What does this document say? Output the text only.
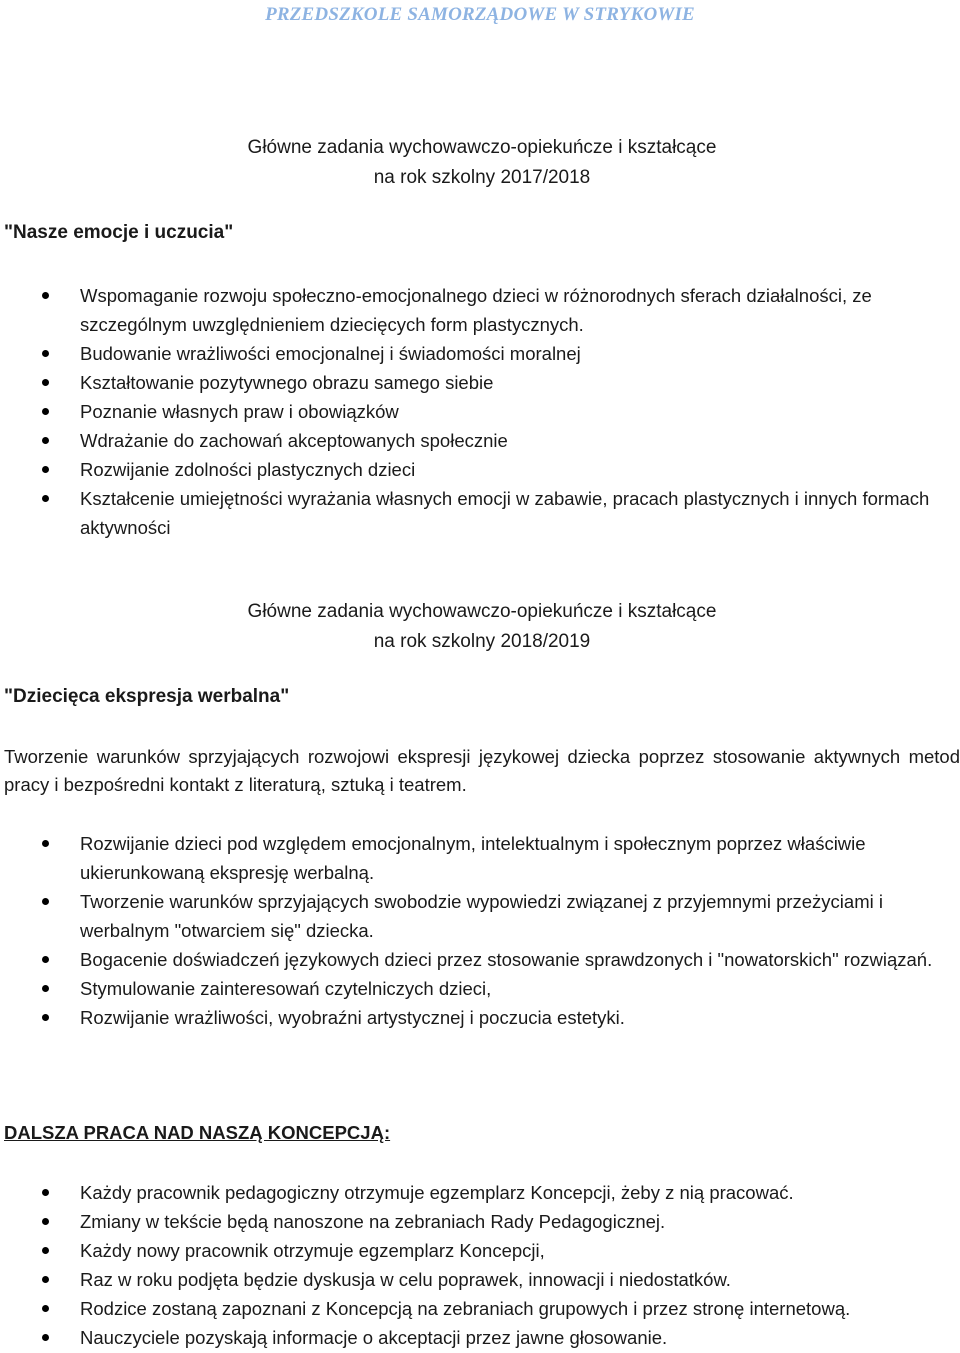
PRZEDSZKOLE SAMORZĄDOWE W STRYKOWIE
Główne zadania wychowawczo-opiekuńcze i kształcące
na rok szkolny 2017/2018
"Nasze emocje i uczucia"
Wspomaganie rozwoju społeczno-emocjonalnego dzieci w różnorodnych sferach działalności, ze szczególnym uwzględnieniem dziecięcych form plastycznych.
Budowanie wrażliwości emocjonalnej i świadomości moralnej
Kształtowanie pozytywnego obrazu samego siebie
Poznanie własnych praw i obowiązków
Wdrażanie do zachowań akceptowanych społecznie
Rozwijanie zdolności plastycznych dzieci
Kształcenie umiejętności wyrażania własnych emocji w zabawie, pracach plastycznych i innych formach aktywności
Główne zadania wychowawczo-opiekuńcze i kształcące
na rok szkolny 2018/2019
"Dziecięca ekspresja werbalna"

Tworzenie warunków sprzyjających rozwojowi ekspresji językowej dziecka poprzez stosowanie aktywnych metod pracy i bezpośredni kontakt z literaturą, sztuką i teatrem.

Rozwijanie dzieci pod względem emocjonalnym, intelektualnym i społecznym poprzez właściwie ukierunkowaną ekspresję werbalną.
Tworzenie warunków sprzyjających swobodzie wypowiedzi związanej z przyjemnymi przeżyciami i werbalnym "otwarciem się" dziecka.
Bogacenie doświadczeń językowych dzieci przez stosowanie sprawdzonych i "nowatorskich" rozwiązań.
Stymulowanie zainteresowań czytelniczych dzieci,
Rozwijanie wrażliwości, wyobraźni artystycznej i poczucia estetyki.
DALSZA PRACA NAD NASZĄ KONCEPCJĄ:
Każdy pracownik pedagogiczny otrzymuje egzemplarz Koncepcji, żeby z nią pracować.
Zmiany w tekście będą nanoszone na zebraniach Rady Pedagogicznej.
Każdy nowy pracownik otrzymuje egzemplarz Koncepcji,
Raz w roku podjęta będzie dyskusja w celu poprawek, innowacji i niedostatków.
Rodzice zostaną zapoznani z Koncepcją na zebraniach grupowych i przez stronę internetową.
Nauczyciele pozyskają informacje o akceptacji przez jawne głosowanie.
